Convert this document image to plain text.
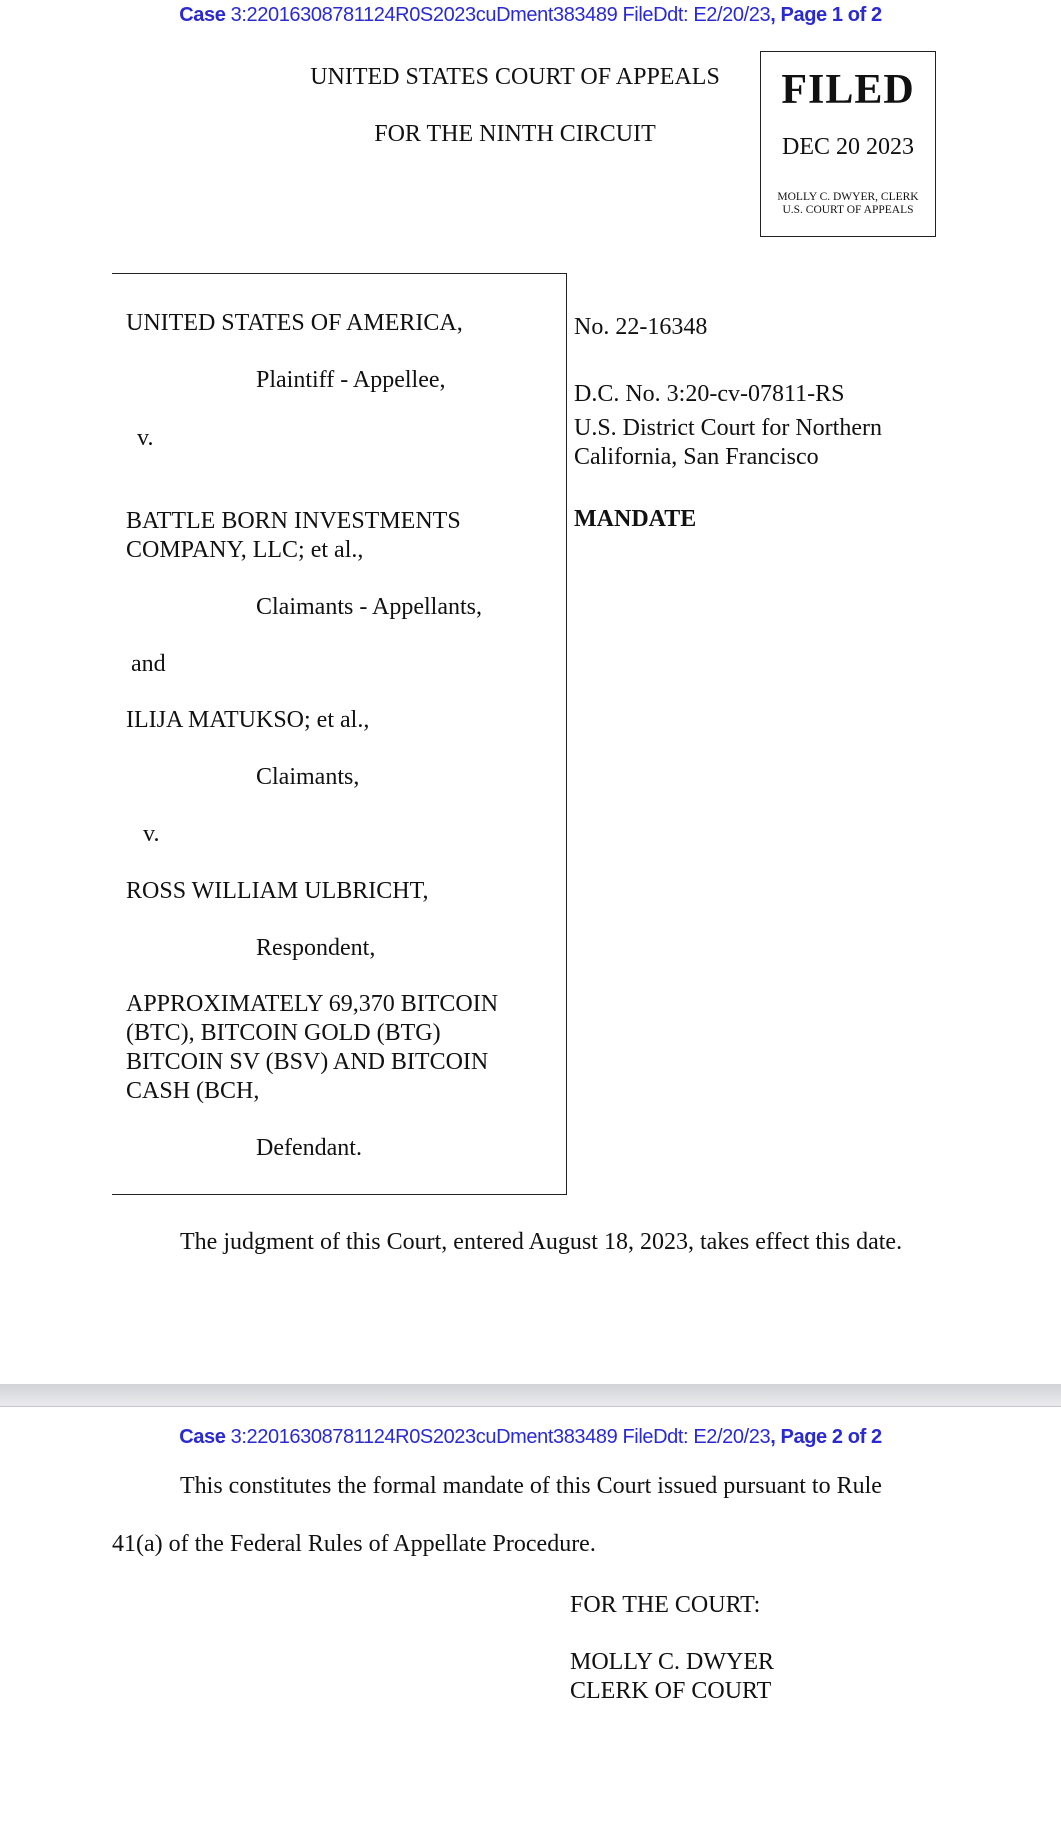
Case 3:22016308781124R0S2023cuDment383489 FileDdt: E2/20/23, Page 1 of 2
UNITED STATES COURT OF APPEALS
FOR THE NINTH CIRCUIT
FILED
DEC 20 2023
MOLLY C. DWYER, CLERK
U.S. COURT OF APPEALS
UNITED STATES OF AMERICA,
Plaintiff - Appellee,
v.
BATTLE BORN INVESTMENTS
COMPANY, LLC; et al.,
Claimants - Appellants,
and
ILIJA MATUKSO; et al.,
Claimants,
v.
ROSS WILLIAM ULBRICHT,
Respondent,
APPROXIMATELY 69,370 BITCOIN
(BTC), BITCOIN GOLD (BTG)
BITCOIN SV (BSV) AND BITCOIN
CASH (BCH,
Defendant.
No. 22-16348
D.C. No. 3:20-cv-07811-RS
U.S. District Court for Northern
California, San Francisco
MANDATE
The judgment of this Court, entered August 18, 2023, takes effect this date.
Case 3:22016308781124R0S2023cuDment383489 FileDdt: E2/20/23, Page 2 of 2
This constitutes the formal mandate of this Court issued pursuant to Rule
41(a) of the Federal Rules of Appellate Procedure.
FOR THE COURT:
MOLLY C. DWYER
CLERK OF COURT
